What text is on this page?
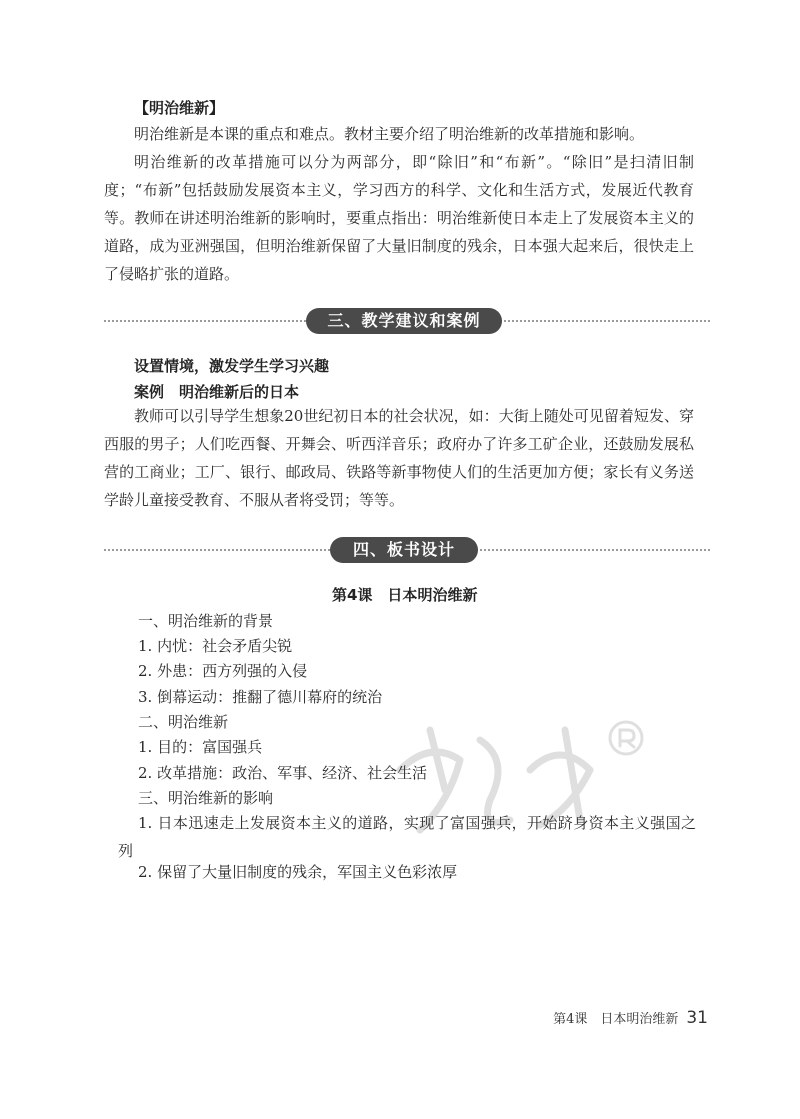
【明治维新】
明治维新是本课的重点和难点。教材主要介绍了明治维新的改革措施和影响。
明治维新的改革措施可以分为两部分，即“除旧”和“布新”。“除旧”是扫清旧制度；“布新”包括鼓励发展资本主义，学习西方的科学、文化和生活方式，发展近代教育等。教师在讲述明治维新的影响时，要重点指出：明治维新使日本走上了发展资本主义的道路，成为亚洲强国，但明治维新保留了大量旧制度的残余，日本强大起来后，很快走上了侵略扩张的道路。
三、教学建议和案例
设置情境，激发学生学习兴趣
案例　明治维新后的日本
教师可以引导学生想象20世纪初日本的社会状况，如：大街上随处可见留着短发、穿西服的男子；人们吃西餐、开舞会、听西洋音乐；政府办了许多工矿企业，还鼓励发展私营的工商业；工厂、银行、邮政局、铁路等新事物使人们的生活更加方便；家长有义务送学龄儿童接受教育、不服从者将受罚；等等。
四、板书设计
第4课　日本明治维新
一、明治维新的背景
1. 内忧：社会矛盾尖锐
2. 外患：西方列强的入侵
3. 倒幕运动：推翻了德川幕府的统治
二、明治维新
1. 目的：富国强兵
2. 改革措施：政治、军事、经济、社会生活
三、明治维新的影响
1. 日本迅速走上发展资本主义的道路，实现了富国强兵，开始跻身资本主义强国之列
2. 保留了大量旧制度的残余，军国主义色彩浓厚
第4课　日本明治维新 31
